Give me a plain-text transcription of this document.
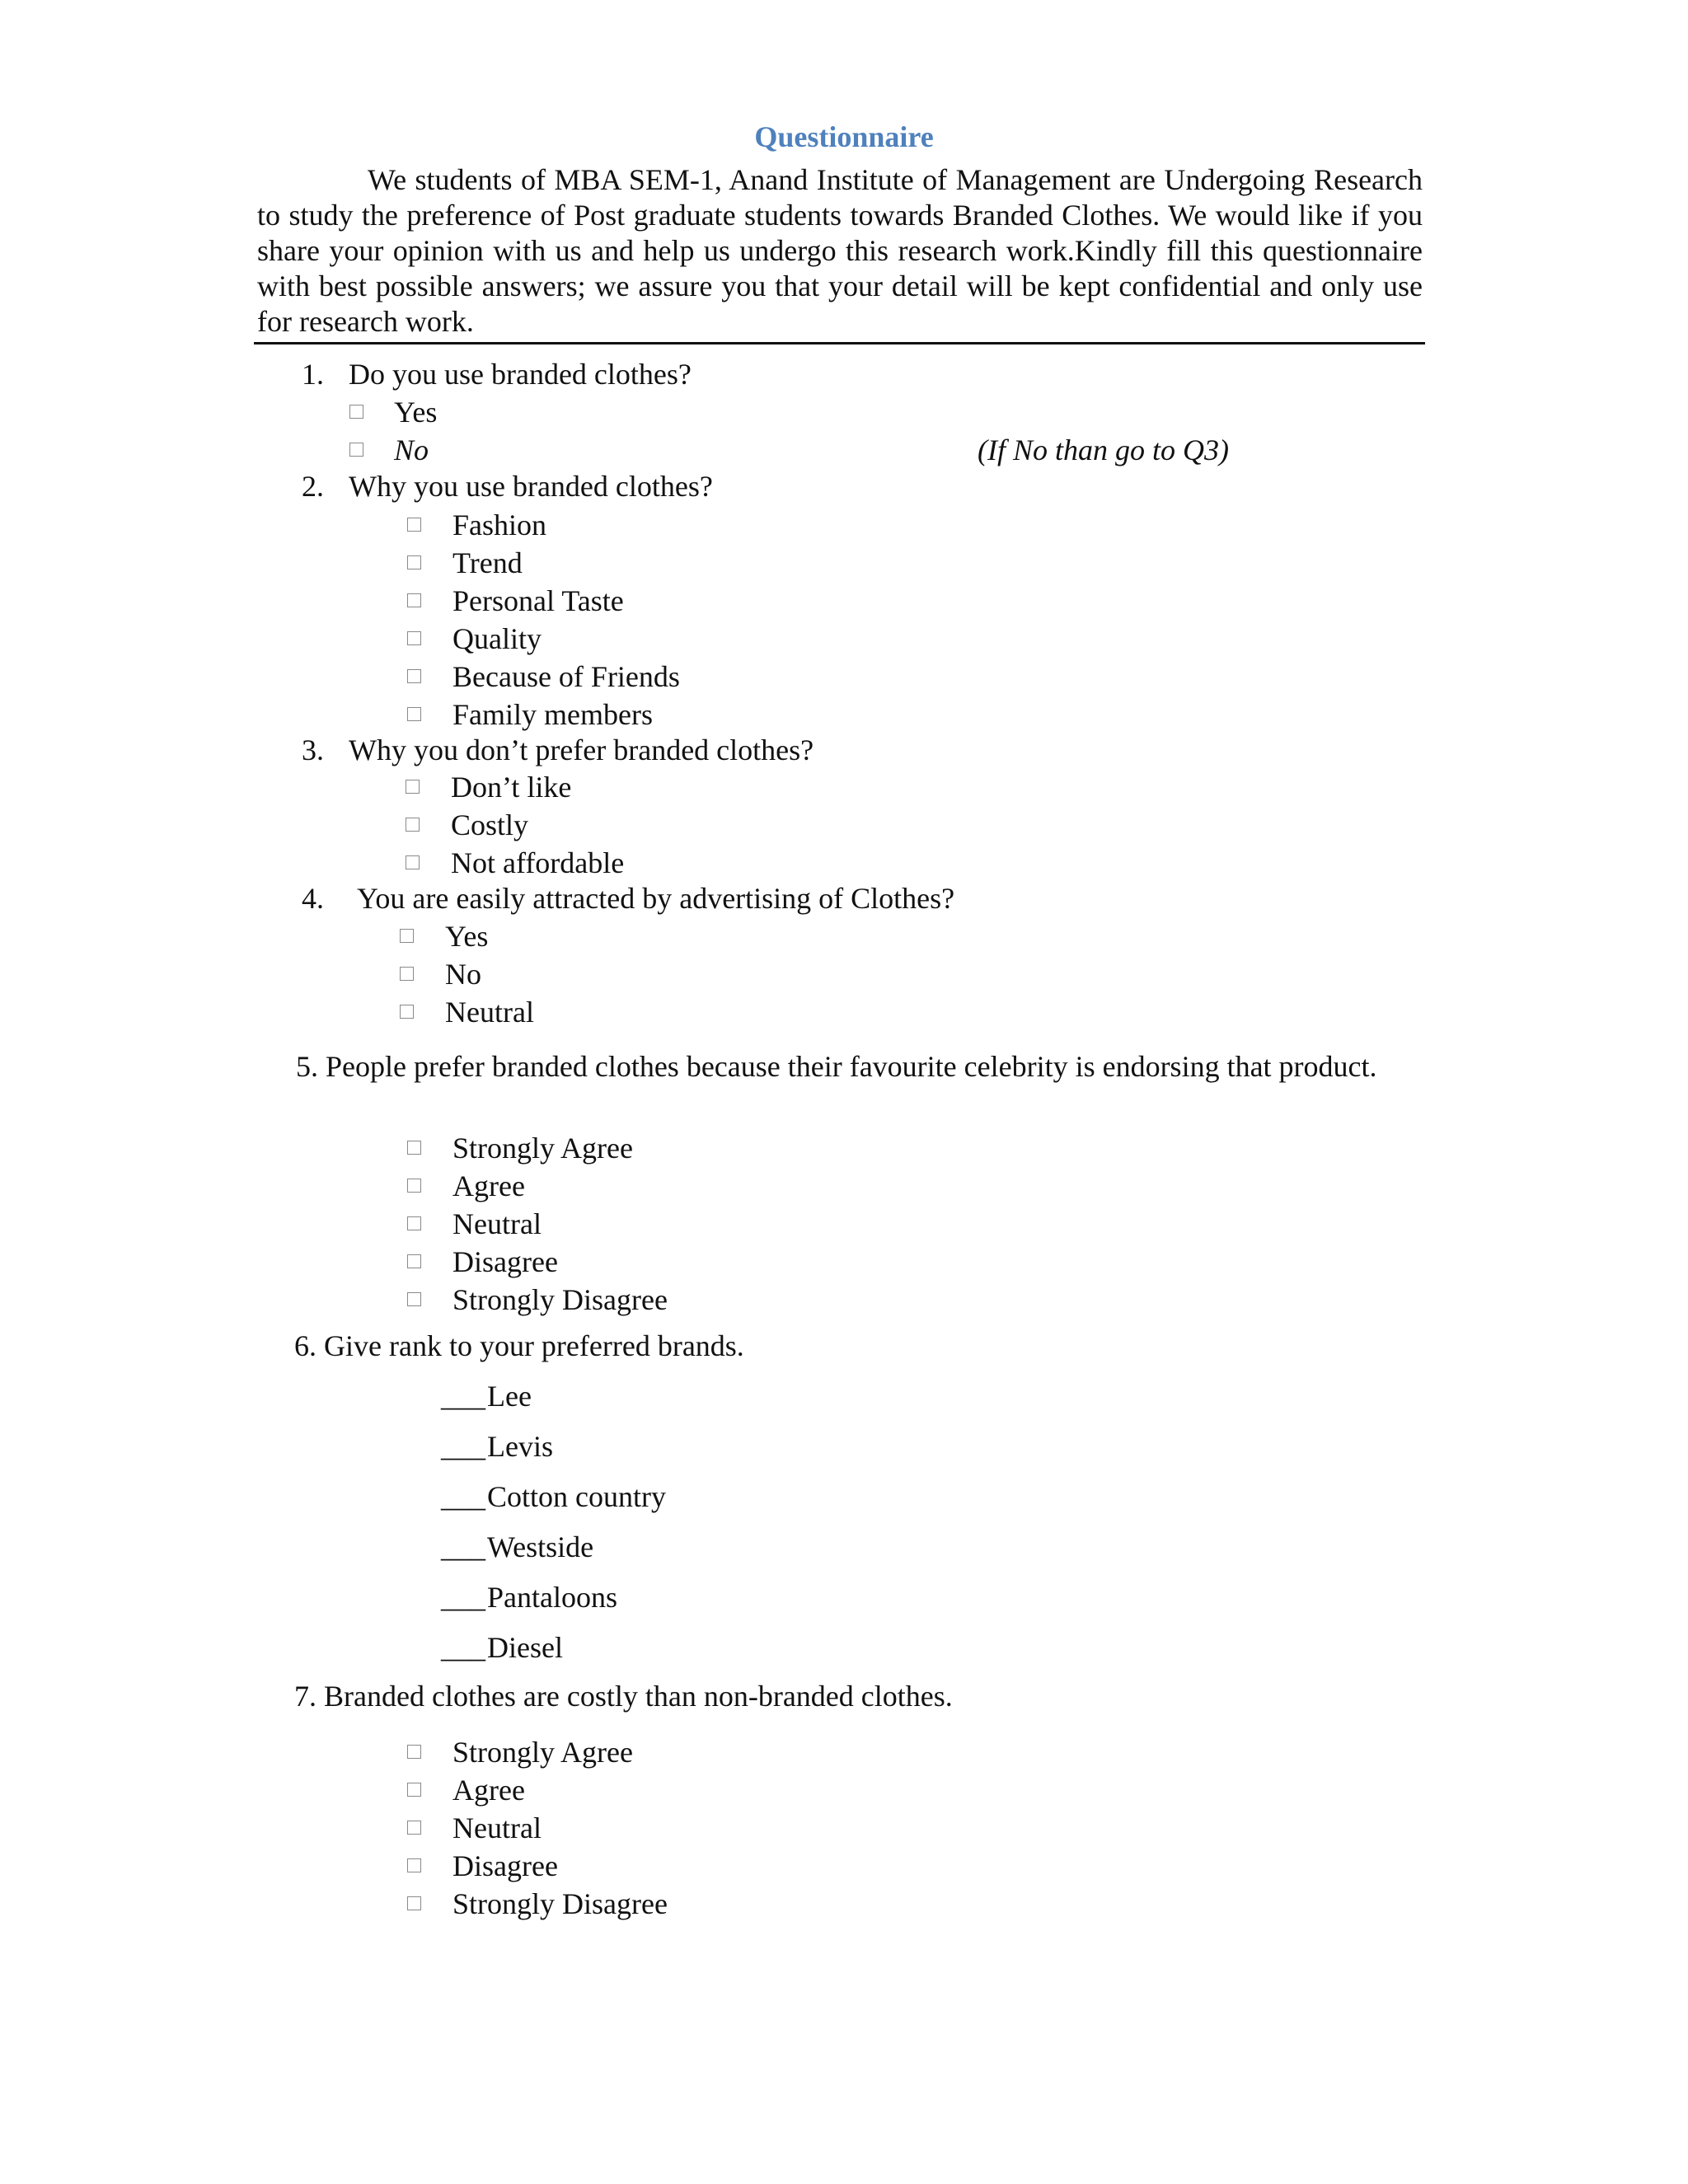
Questionnaire

We students of MBA SEM-1, Anand Institute of Management are Undergoing Research to study the preference of Post graduate students towards Branded Clothes. We would like if you share your opinion with us and help us undergo this research work.Kindly fill this questionnaire with best possible answers; we assure you that your detail will be kept confidential and only use for research work.

1. Do you use branded clothes?
Yes
No	(If No than go to Q3)
2. Why you use branded clothes?
Fashion
Trend
Personal Taste
Quality
Because of Friends
Family members
3. Why you don’t prefer branded clothes?
Don’t like
Costly
Not affordable
4. You are easily attracted by advertising of Clothes?
Yes
No
Neutral

5. People prefer branded clothes because their favourite celebrity is endorsing that product.

Strongly Agree
Agree
Neutral
Disagree
Strongly Disagree
6. Give rank to your preferred brands.
___ Lee
___ Levis
___ Cotton country
___ Westside
___ Pantaloons
___ Diesel
7. Branded clothes are costly than non-branded clothes.
Strongly Agree
Agree
Neutral
Disagree
Strongly Disagree
